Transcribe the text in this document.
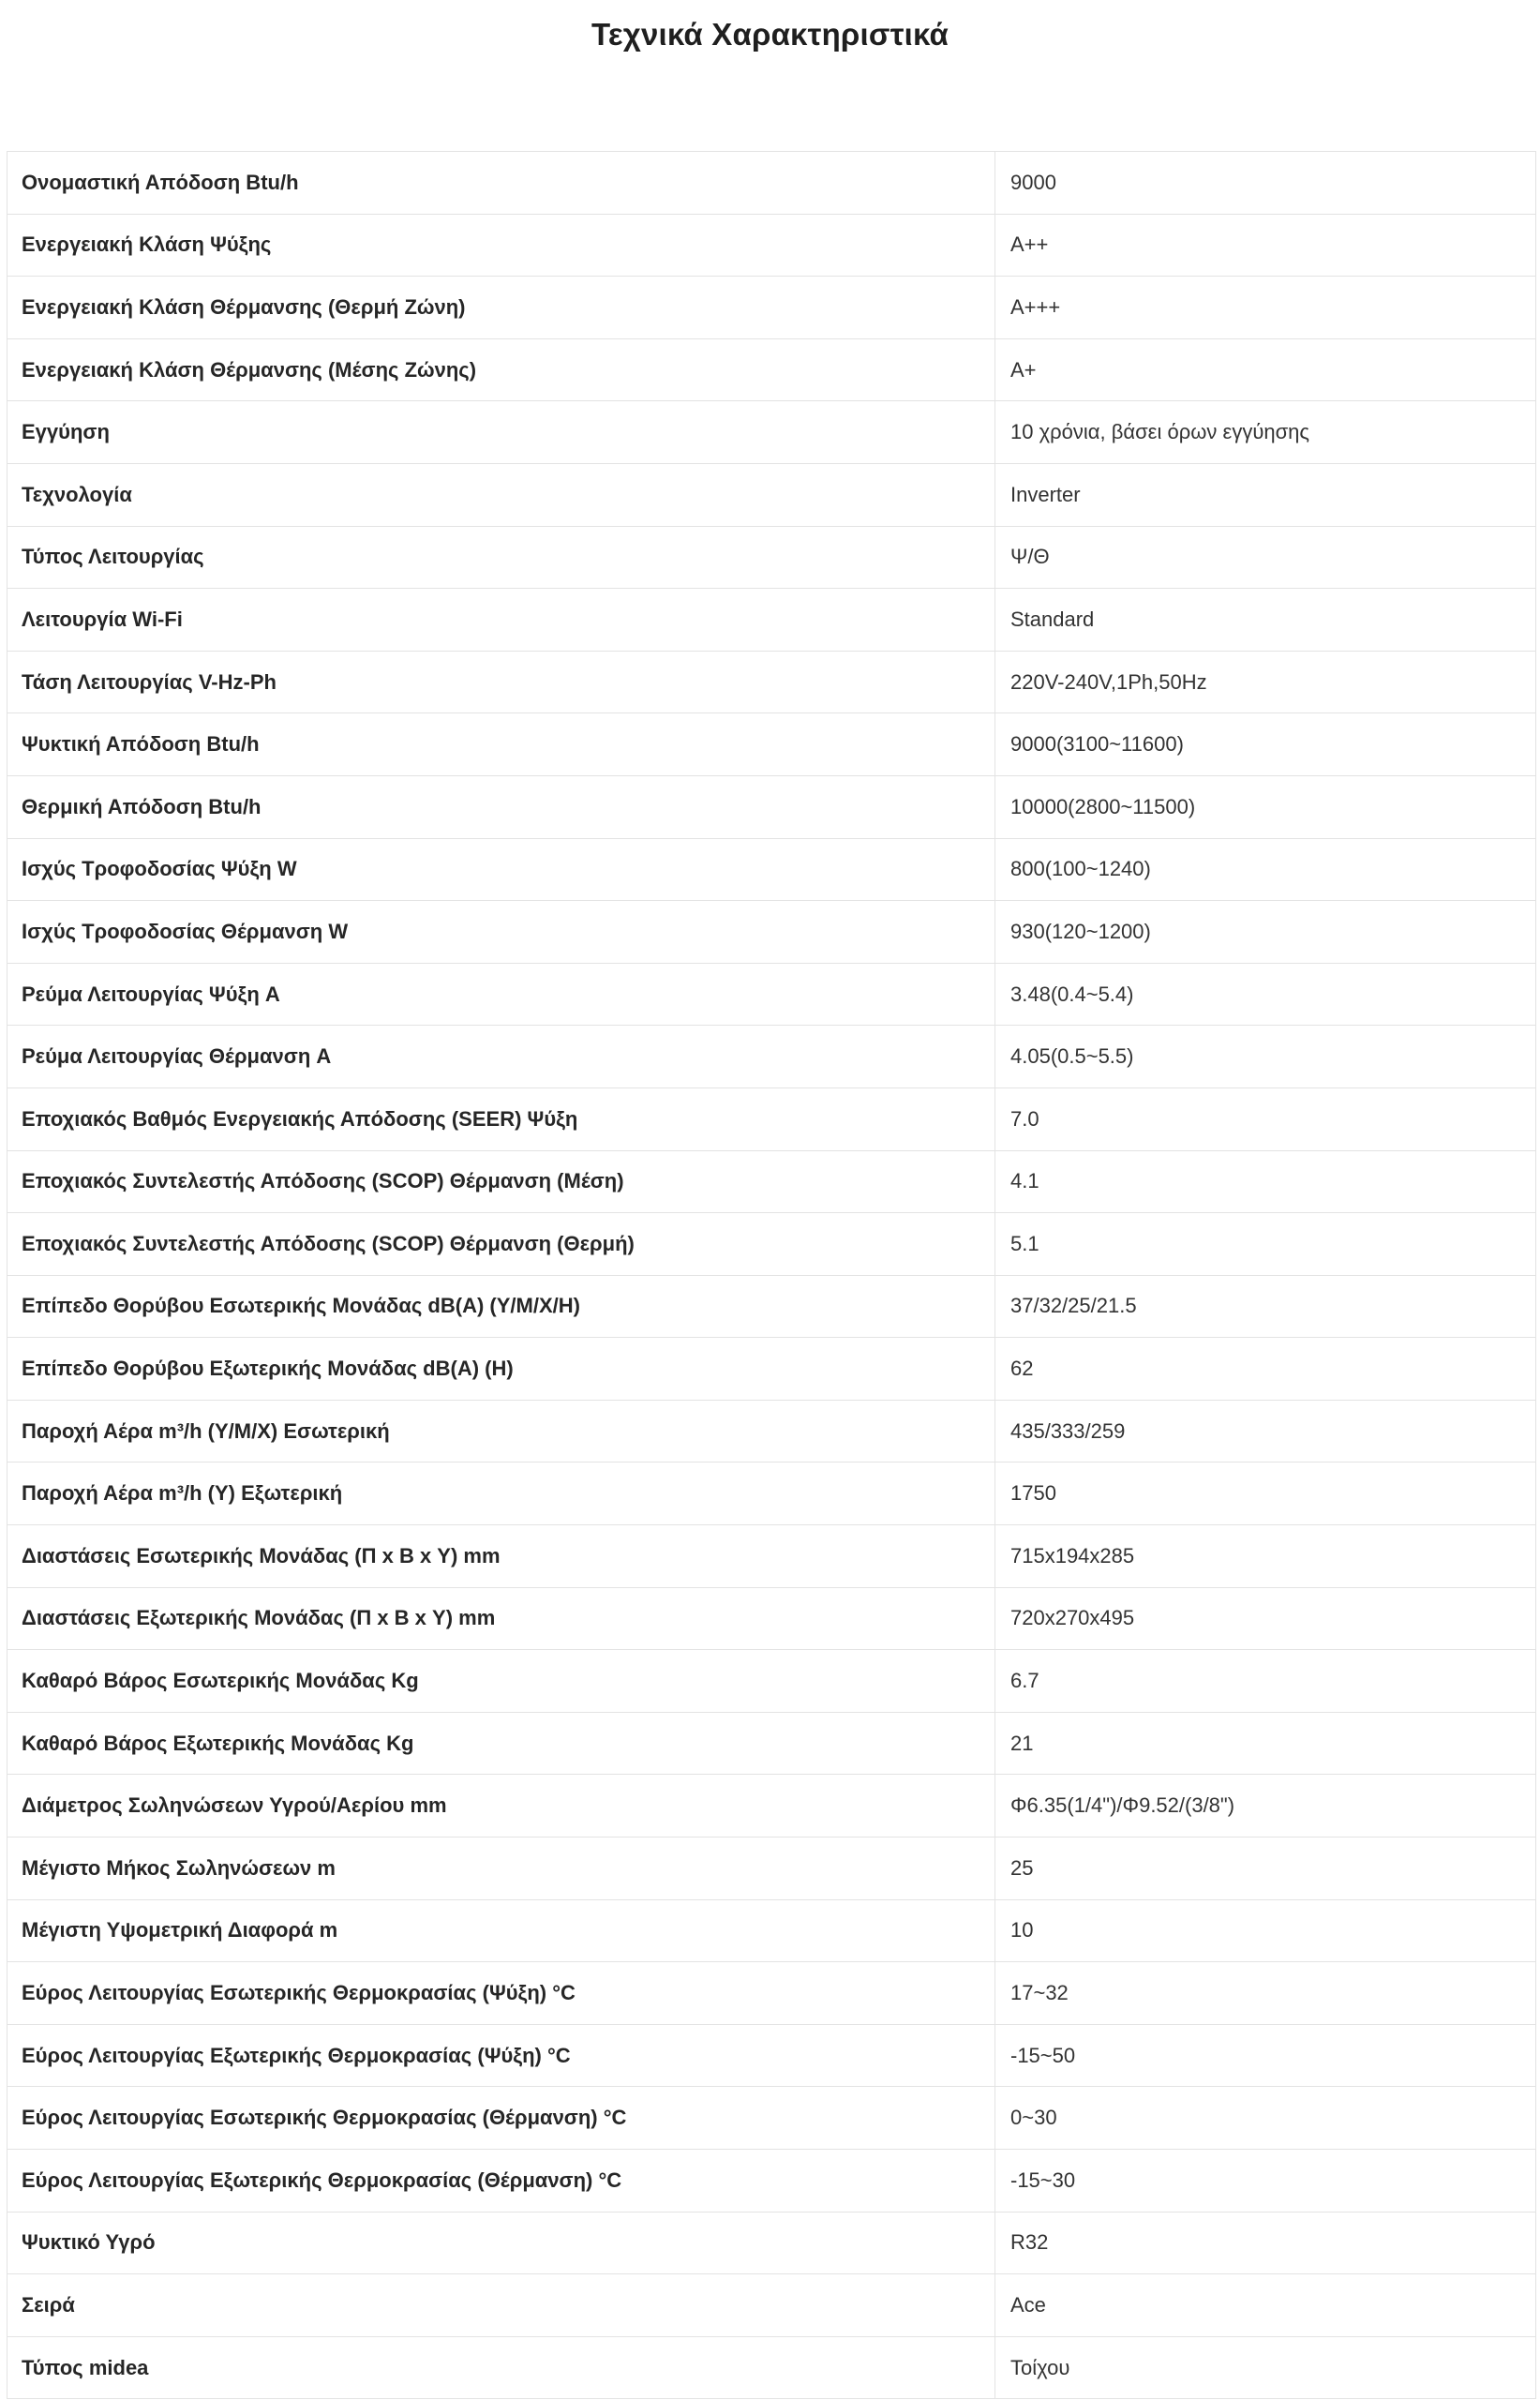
Τεχνικά Χαρακτηριστικά
Ονομαστική Απόδοση Btu/h	9000
Ενεργειακή Κλάση Ψύξης	A++
Ενεργειακή Κλάση Θέρμανσης (Θερμή Ζώνη)	A+++
Ενεργειακή Κλάση Θέρμανσης (Μέσης Ζώνης)	A+
Εγγύηση	10 χρόνια, βάσει όρων εγγύησης
Τεχνολογία	Inverter
Τύπος Λειτουργίας	Ψ/Θ
Λειτουργία Wi-Fi	Standard
Τάση Λειτουργίας V-Hz-Ph	220V-240V,1Ph,50Hz
Ψυκτική Απόδοση Btu/h	9000(3100~11600)
Θερμική Απόδοση Btu/h	10000(2800~11500)
Ισχύς Τροφοδοσίας Ψύξη W	800(100~1240)
Ισχύς Τροφοδοσίας Θέρμανση W	930(120~1200)
Ρεύμα Λειτουργίας Ψύξη A	3.48(0.4~5.4)
Ρεύμα Λειτουργίας Θέρμανση A	4.05(0.5~5.5)
Εποχιακός Βαθμός Ενεργειακής Απόδοσης (SEER) Ψύξη	7.0
Εποχιακός Συντελεστής Απόδοσης (SCOP) Θέρμανση (Μέση)	4.1
Εποχιακός Συντελεστής Απόδοσης (SCOP) Θέρμανση (Θερμή)	5.1
Επίπεδο Θορύβου Εσωτερικής Μονάδας dB(A) (Υ/Μ/Χ/Η)	37/32/25/21.5
Επίπεδο Θορύβου Εξωτερικής Μονάδας dB(A) (Η)	62
Παροχή Αέρα m³/h (Υ/Μ/Χ) Εσωτερική	435/333/259
Παροχή Αέρα m³/h (Υ) Εξωτερική	1750
Διαστάσεις Εσωτερικής Μονάδας (Π x Β x Υ) mm	715x194x285
Διαστάσεις Εξωτερικής Μονάδας (Π x Β x Υ) mm	720x270x495
Καθαρό Βάρος Εσωτερικής Μονάδας Kg	6.7
Καθαρό Βάρος Εξωτερικής Μονάδας Kg	21
Διάμετρος Σωληνώσεων Υγρού/Αερίου mm	Φ6.35(1/4")/Φ9.52/(3/8")
Μέγιστο Μήκος Σωληνώσεων m	25
Μέγιστη Υψομετρική Διαφορά m	10
Εύρος Λειτουργίας Εσωτερικής Θερμοκρασίας (Ψύξη) °C	17~32
Εύρος Λειτουργίας Εξωτερικής Θερμοκρασίας (Ψύξη) °C	-15~50
Εύρος Λειτουργίας Εσωτερικής Θερμοκρασίας (Θέρμανση) °C	0~30
Εύρος Λειτουργίας Εξωτερικής Θερμοκρασίας (Θέρμανση) °C	-15~30
Ψυκτικό Υγρό	R32
Σειρά	Ace
Τύπος midea	Τοίχου
